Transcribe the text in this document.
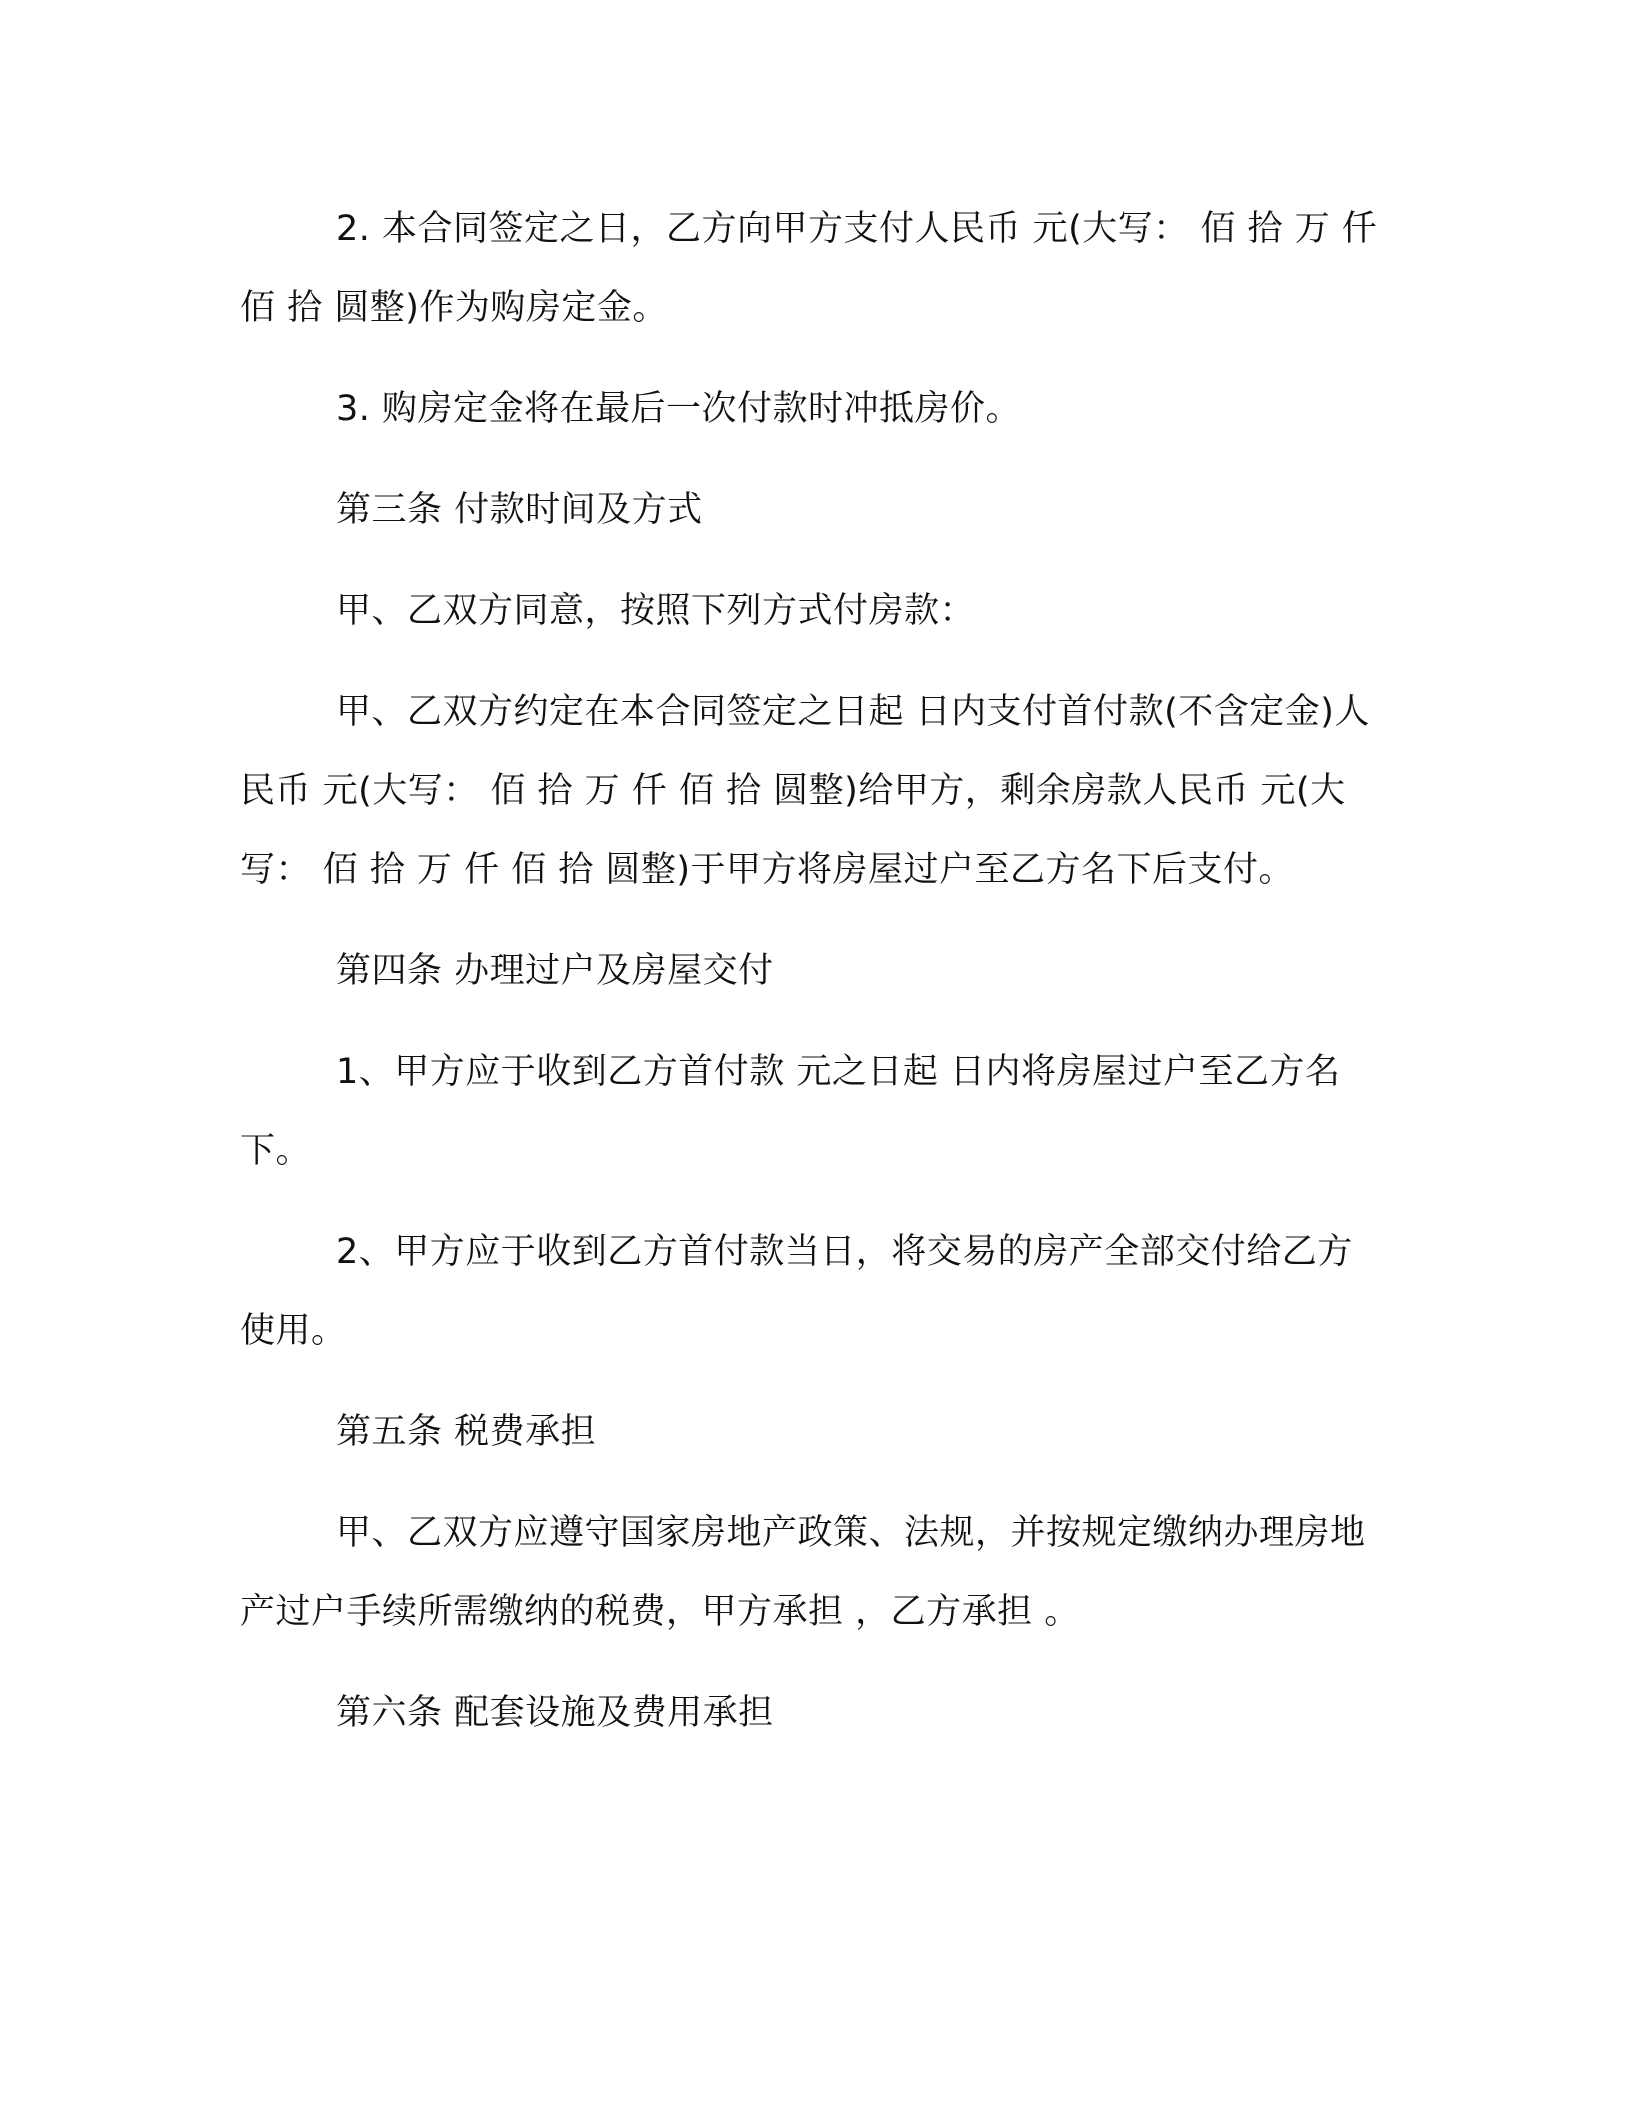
2. 本合同签定之日，乙方向甲方支付人民币 元(大写： 佰 拾 万 仟 佰 拾 圆整)作为购房定金。

3. 购房定金将在最后一次付款时冲抵房价。

第三条 付款时间及方式

甲、乙双方同意，按照下列方式付房款：

甲、乙双方约定在本合同签定之日起 日内支付首付款(不含定金)人民币 元(大写： 佰 拾 万 仟 佰 拾 圆整)给甲方，剩余房款人民币 元(大写： 佰 拾 万 仟 佰 拾 圆整)于甲方将房屋过户至乙方名下后支付。

第四条 办理过户及房屋交付

1、甲方应于收到乙方首付款 元之日起 日内将房屋过户至乙方名下。

2、甲方应于收到乙方首付款当日，将交易的房产全部交付给乙方使用。

第五条 税费承担

甲、乙双方应遵守国家房地产政策、法规，并按规定缴纳办理房地产过户手续所需缴纳的税费，甲方承担 ，乙方承担 。

第六条 配套设施及费用承担
